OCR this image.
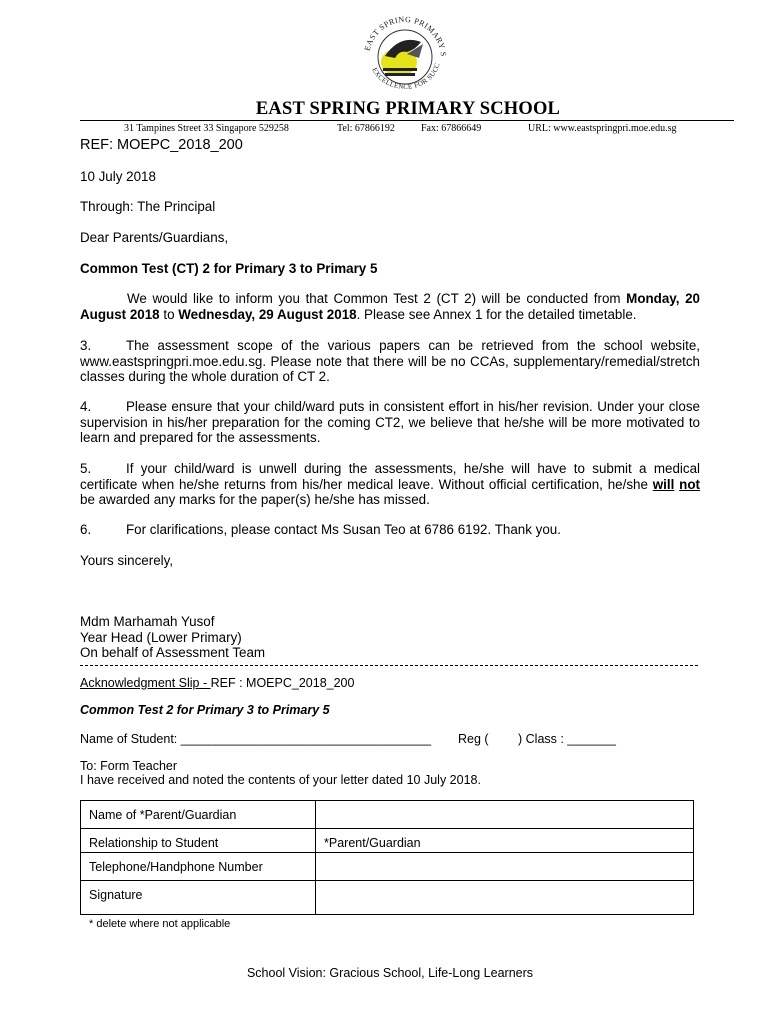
EAST SPRING PRIMARY S
EXCELLENCE FOR SUCC
EAST SPRING PRIMARY SCHOOL
31 Tampines Street 33 Singapore 529258	Tel: 67866192	Fax: 67866649	URL: www.eastspringpri.moe.edu.sg
REF: MOEPC_2018_200
10 July 2018
Through: The Principal
Dear Parents/Guardians,
Common Test (CT) 2 for Primary 3 to Primary 5
We would like to inform you that Common Test 2 (CT 2) will be conducted from Monday, 20 August 2018 to Wednesday, 29 August 2018. Please see Annex 1 for the detailed timetable.
3.	The assessment scope of the various papers can be retrieved from the school website, www.eastspringpri.moe.edu.sg. Please note that there will be no CCAs, supplementary/remedial/stretch classes during the whole duration of CT 2.
4.	Please ensure that your child/ward puts in consistent effort in his/her revision. Under your close supervision in his/her preparation for the coming CT2, we believe that he/she will be more motivated to learn and prepared for the assessments.
5.	If your child/ward is unwell during the assessments, he/she will have to submit a medical certificate when he/she returns from his/her medical leave. Without official certification, he/she will not be awarded any marks for the paper(s) he/she has missed.
6.	For clarifications, please contact Ms Susan Teo at 6786 6192. Thank you.
Yours sincerely,
Mdm Marhamah Yusof
Year Head (Lower Primary)
On behalf of Assessment Team
Acknowledgment Slip - REF : MOEPC_2018_200
Common Test 2 for Primary 3 to Primary 5
Name of Student: ____________________________________ Reg ( ) Class : _______
To: Form Teacher
I have received and noted the contents of your letter dated 10 July 2018.
Name of *Parent/Guardian	
Relationship to Student	*Parent/Guardian
Telephone/Handphone Number	
Signature	
* delete where not applicable
School Vision: Gracious School, Life-Long Learners
